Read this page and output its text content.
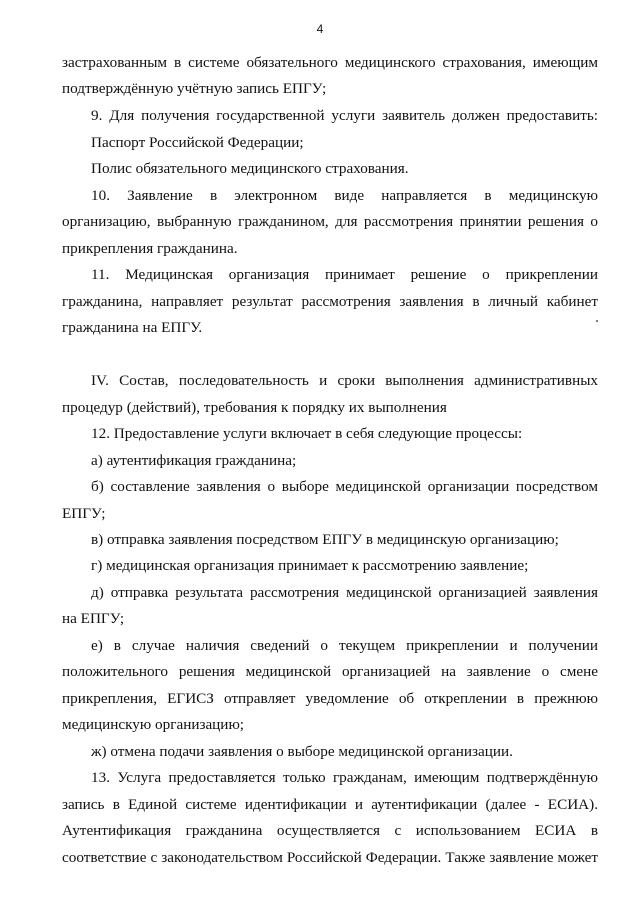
4
застрахованным в системе обязательного медицинского страхования, имеющим
подтверждённую учётную запись ЕПГУ;
9. Для получения государственной услуги заявитель должен предоставить:
Паспорт Российской Федерации;
Полис обязательного медицинского страхования.
10. Заявление в электронном виде направляется в медицинскую
организацию, выбранную гражданином, для рассмотрения принятии решения о
прикрепления гражданина.
11. Медицинская организация принимает решение о прикреплении
гражданина, направляет результат рассмотрения заявления в личный кабинет
гражданина на ЕПГУ.
IV. Состав, последовательность и сроки выполнения административных
процедур (действий), требования к порядку их выполнения
12. Предоставление услуги включает в себя следующие процессы:
а) аутентификация гражданина;
б) составление заявления о выборе медицинской организации посредством
ЕПГУ;
в) отправка заявления посредством ЕПГУ в медицинскую организацию;
г) медицинская организация принимает к рассмотрению заявление;
д) отправка результата рассмотрения медицинской организацией заявления
на ЕПГУ;
е) в случае наличия сведений о текущем прикреплении и получении
положительного решения медицинской организацией на заявление о смене
прикрепления, ЕГИСЗ отправляет уведомление об откреплении в прежнюю
медицинскую организацию;
ж) отмена подачи заявления о выборе медицинской организации.
13. Услуга предоставляется только гражданам, имеющим подтверждённую
запись в Единой системе идентификации и аутентификации (далее - ЕСИА).
Аутентификация гражданина осуществляется с использованием ЕСИА в
соответствие с законодательством Российской Федерации. Также заявление может
